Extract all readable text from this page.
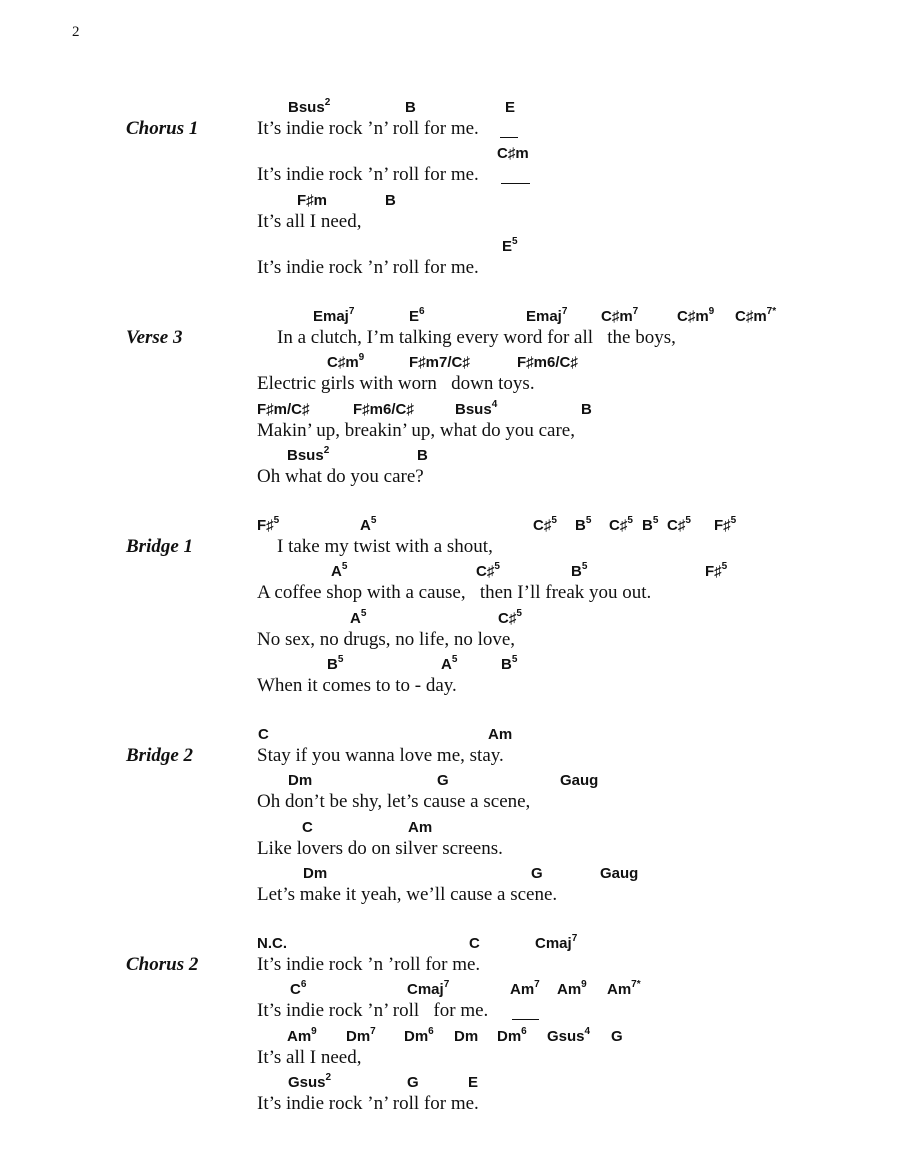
2
Chorus 1	It’s indie rock ’n’ roll for me.
Bsus$^2$	B	E
It’s indie rock ’n’ roll for me.
C♯m
It’s all I need,
F♯m	B
It’s indie rock ’n’ roll for me.
$E^5$
Verse 3	In a clutch, I’m talking every word for all   the boys,
Emaj$^7$	$E^6$	Emaj$^7$ $C♯m^7$	$C♯m^9$ $C♯m^{7*}$
Electric girls with worn   down toys.
$C♯m^9$	F♯m7/C♯	F♯m6/C♯
Makin’ up, breakin’ up, what do you care,
F♯m/C♯	F♯m6/C♯	Bsus$^4$	B
Oh what do you care?
Bsus$^2$	B
Bridge 1	I take my twist with a shout,
F♯$^5$	$A^5$	C♯$^5$ $B^5$ C♯$^5$ $B^5$ C♯$^5$ F♯$^5$
A coffee shop with a cause,   then I’ll freak you out.
$A^5$	C♯$^5$	$B^5$	F♯$^5$
No sex, no drugs, no life, no love,
$A^5$	C♯$^5$
When it comes to to - day.
$B^5$	$A^5$	$B^5$
Bridge 2	Stay if you wanna love me, stay.
C	Am
Oh don’t be shy, let’s cause a scene,
Dm	G	Gaug
Like lovers do on silver screens.
C	Am
Let’s make it yeah, we’ll cause a scene.
Dm	G	Gaug
Chorus 2	It’s indie rock ’n ’roll for me.
N.C.	C	Cmaj$^7$
It’s indie rock ’n’ roll   for me.
$C^6$	Cmaj$^7$	Am$^7$ Am$^9$ $Am^{7*}$
It’s all I need,
Am$^9$ Dm$^7$ Dm$^6$ Dm Dm$^6$ Gsus$^4$ G
It’s indie rock ’n’ roll for me.
Gsus$^2$	G	E
